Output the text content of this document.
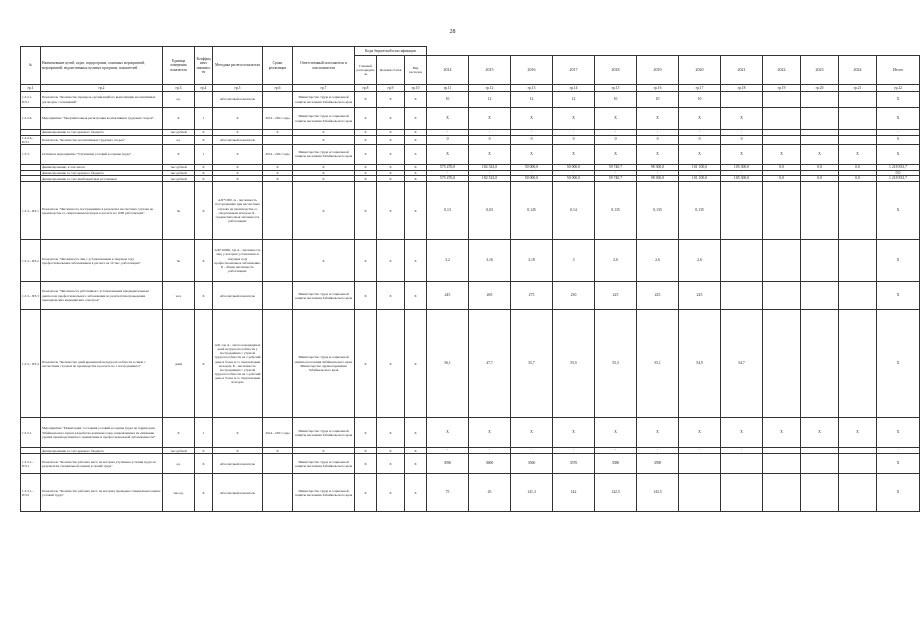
28
№	Наименование целей, задач, подпрограмм, основных мероприятий, мероприятий, ведомственных целевых программ, показателей	Единица измерения показателя	Коэффициент значимости	Методика расчета показателя	Сроки реализации	Ответственный исполнитель и соисполнители	Коды бюджетной классификации														
							Главный распорядитель	Целевая статья	Вид расходов	2014	2015	2016	2017	2018	2019	2020	2021	2022	2023	2024	Итого
гр.1	гр.2	гр.3	гр.4	гр.5	гр.6	гр.7	гр.8	гр.9	гр.10	гр.11	гр.12	гр.13	гр.14	гр.15	гр.16	гр.17	гр.18	гр.19	гр.20	гр.21	гр.22
1.3.2.1. ПЭ.1	Показатель "Количество проверок организаций по выполнению коллективных договоров, соглашений"	ед.		Абсолютный показатель		Министерство труда и социальной защиты населения Забайкальского края	Х	Х	Х	10	12	12	12	10	10	10					Х
1.3.2.6.	Мероприятие "Уведомительная регистрация коллективных трудовых споров"	Х	1	Х	2014 - 2021 годы	Министерство труда и социальной защиты населения Забайкальского края	Х	Х	Х	Х	Х	Х	Х	Х	Х	Х	Х				Х
	финансирование за счет краевого бюджета	тыс.рублей	Х	Х	Х	Х	Х	Х	Х	-	-	-	-	-	-	-	-				-
1.3.2.6.- ПЭ.1	Показатель "Количество коллективных трудовых споров"	ед.	Х	Абсолютный показатель		Х	Х	Х	Х	0	0	0	0	0	0	0	0				0
1.3.3.	Основное мероприятие "Улучшение условий и охраны труда"	Х	1	Х	2014 - 2021 годы	Министерство труда и социальной защиты населения Забайкальского края	Х	Х	Х	Х	Х	Х	Х	Х	Х	Х	Х	Х	Х	Х	Х
	финансирование, в том числе:	тыс.рублей	Х	Х	Х	Х	Х	Х	Х	575 470,0	182 523,0	50 000,0	50 000,0	59 740,7	98 300,0	101 100,0	105 300,0	0,0	0,0	0,0	1 218 833,7
	финансирование за счет краевого бюджета	тыс.рублей	Х	Х	Х	Х	Х	Х	Х	-	-	-	-	-	-	-	-				0,0
	финансирование за счет внебюджетных источников	тыс.рублей	Х	Х	Х	Х	Х	Х	Х	575 470,0	182 523,0	50 000,0	50 000,0	59 740,7	98 300,0	101 100,0	105 300,0	0,0	0,0	0,0	1 218 833,7
1.3.3.- ПЭ.1	Показатель "Численность пострадавших в результате несчастных случаев на производстве со смертельным исходом в расчете на 1000 работающих"	‰	Х	A/Б*1000, А - численность пострадавших при несчастных случаях на производстве со смертельным исходом, Б - среднесписочная численность работающих		Х	Х	Х	Х	0,13	0,03	0,145	0,14	0,135	0,135	0,135					Х
1.3.3.- ПЭ.2	Показатель "Численность лиц с установленным в текущем году профессиональным заболеванием в расчете на 10 тыс. работающих"	‰	Х	A/Б*10000, где А - численность лиц, у которых установлено в текущем году профессиональное заболевание, Б - общая численность работающих		Х	Х	Х	Х	3,2	3,16	3,18	3	2,6	2,6	2,6					Х
1.3.3.- ПЭ.3	Показатель "Численность работников с установленным предварительным диагнозом профессионального заболевания по результатам проведения периодических медицинских осмотров"	чел.	Х	Абсолютный показатель		Министерство труда и социальной защиты населения Забайкальского края	Х	Х	Х	245	265	275	230	225	225	225					Х
1.3.3.- ПЭ.4	Показатель "Количество дней временной нетрудоспособности в связи с несчастным случаем на производстве в расчете на 1 пострадавшего"	дней	Х	А/Б, где А - число календарных дней нетрудоспособности у пострадавших с утратой трудоспособности на 1 рабочий день и более и со смертельным исходом, Б - численность пострадавших с утратой трудоспособности на 1 рабочий день и более и со смертельным исходом		Министерство труда и социальной защиты населения Забайкальского края; Министерство здравоохранения Забайкальского края	Х	Х	Х	56,1	47,7	55,7	55,5	55,3	55,1	54,9	54,7				Х
1.3.3.1.	Мероприятие "Мониторинг состояния условий и охраны труда на территории Забайкальского края и разработка комплекса мер, направленных на снижение уровня производственного травматизма и профессиональной заболеваемости"	Х	1	Х	2014 - 2021 годы	Министерство труда и социальной защиты населения Забайкальского края	Х	Х	Х	Х	Х	Х	Х	Х	Х	Х	Х	Х	Х	Х	Х
	финансирование за счет краевого бюджета	тыс.рублей	Х	Х	Х	Х	Х	Х	Х	-	-	-	-	-	-	-	-				-
1.3.3.1.- ПЭ.1	Показатель "Количество рабочих мест, на которых улучшены условия труда по результатам специальной оценки условий труда"	ед.	Х	Абсолютный показатель		Министерство труда и социальной защиты населения Забайкальского края	Х	Х	Х	3930	3600	3560	3570	3580	3590						Х
1.3.3.1.- ПЭ.2	Показатель "Количество рабочих мест, на которых проведена специальная оценка условий труда"	тыс.ед.	Х	Абсолютный показатель		Министерство труда и социальной защиты населения Забайкальского края	Х	Х	Х	75	45	141,3	142	142,5	143,5						Х
